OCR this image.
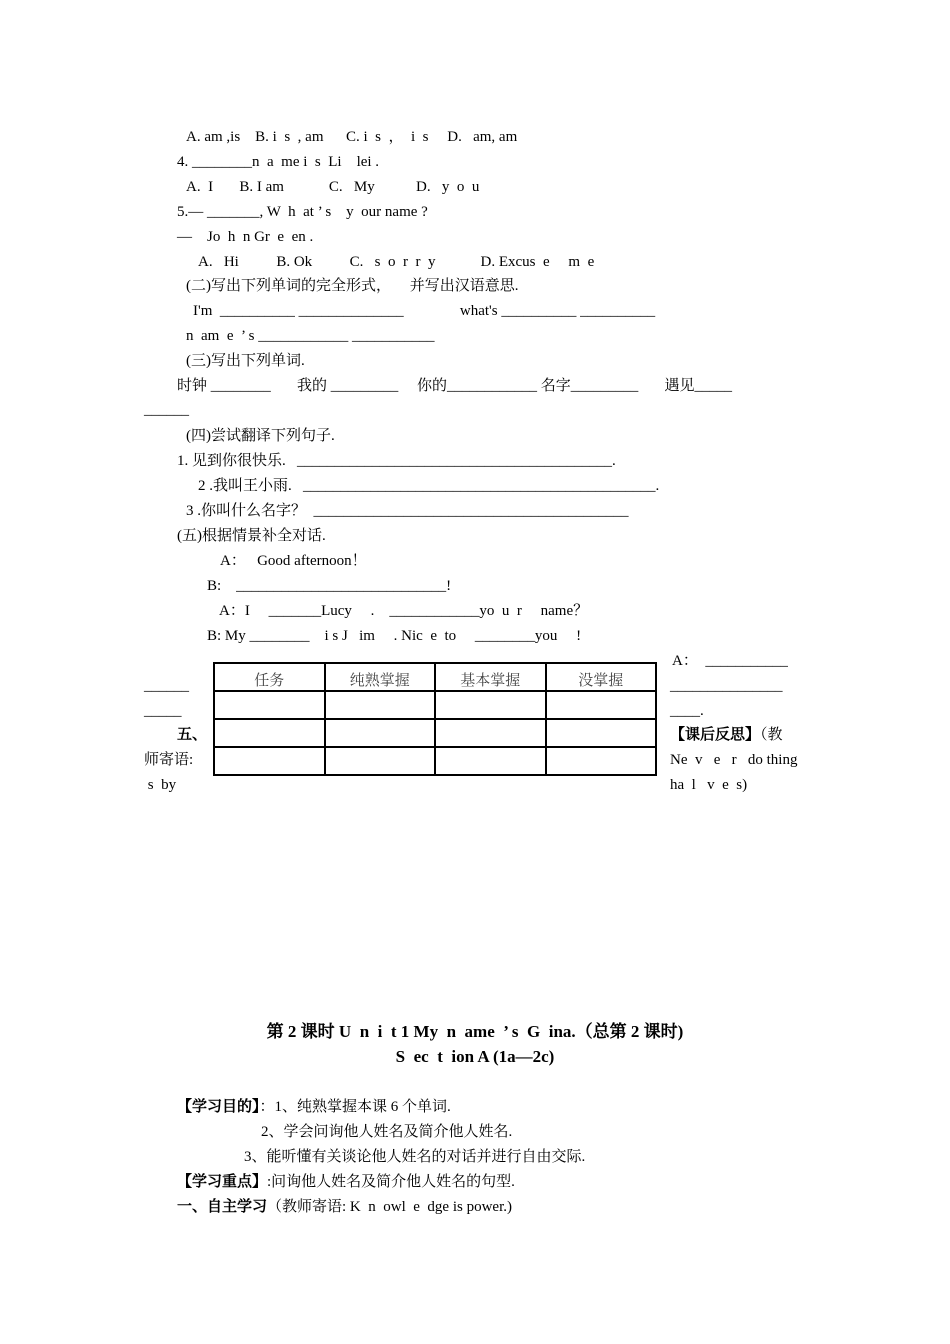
A. am ,is    B. i  s  , am      C. i  s  ，  i  s     D.   am, am
4. ________n  a  me i  s  Li    lei .
A.  I       B. I am            C.   My           D.   y  o  u
5.— _______, W  h  at ’ s    y  our name ?
—    Jo  h  n Gr  e  en .
A.   Hi          B. Ok          C.   s  o  r  r  y            D. Excus  e     m  e
(二)写出下列单词的完全形式，     并写出汉语意思.
I'm  __________ ______________               what's __________ __________
n  am  e  ’ s ____________ ___________
(三)写出下列单词.
时钟 ________       我的 _________     你的____________ 名字_________       遇见_____
______
(四)尝试翻译下列句子.
1. 见到你很快乐.   __________________________________________.
2 .我叫王小雨.   _______________________________________________.
3 .你叫什么名字？  __________________________________________
(五)根据情景补全对话.
A：   Good afternoon！
B:    ____________________________!
A：I     _______Lucy     .    ____________yo  u  r     name？
B: My ________    i s J   im     . Nic  e  to     ________you     !
A：  ___________
_______________
____.
【课后反思】（教
Ne  v   e   r   do thing
ha  l   v  e  s)
______
_____
五、
师寄语:
s  by
任务	纯熟掌握	基本掌握	没掌握

第 2 课时 U  n  i  t 1 My  n  ame  ’ s  G  ina.（总第 2 课时)
S  ec  t  ion A (1a—2c)
【学习目的】：1、纯熟掌握本课 6 个单词.
2、学会问询他人姓名及简介他人姓名.
3、能听懂有关谈论他人姓名的对话并进行自由交际.
【学习重点】:问询他人姓名及简介他人姓名的句型.
一、自主学习（教师寄语: K  n  owl  e  dge is power.)
